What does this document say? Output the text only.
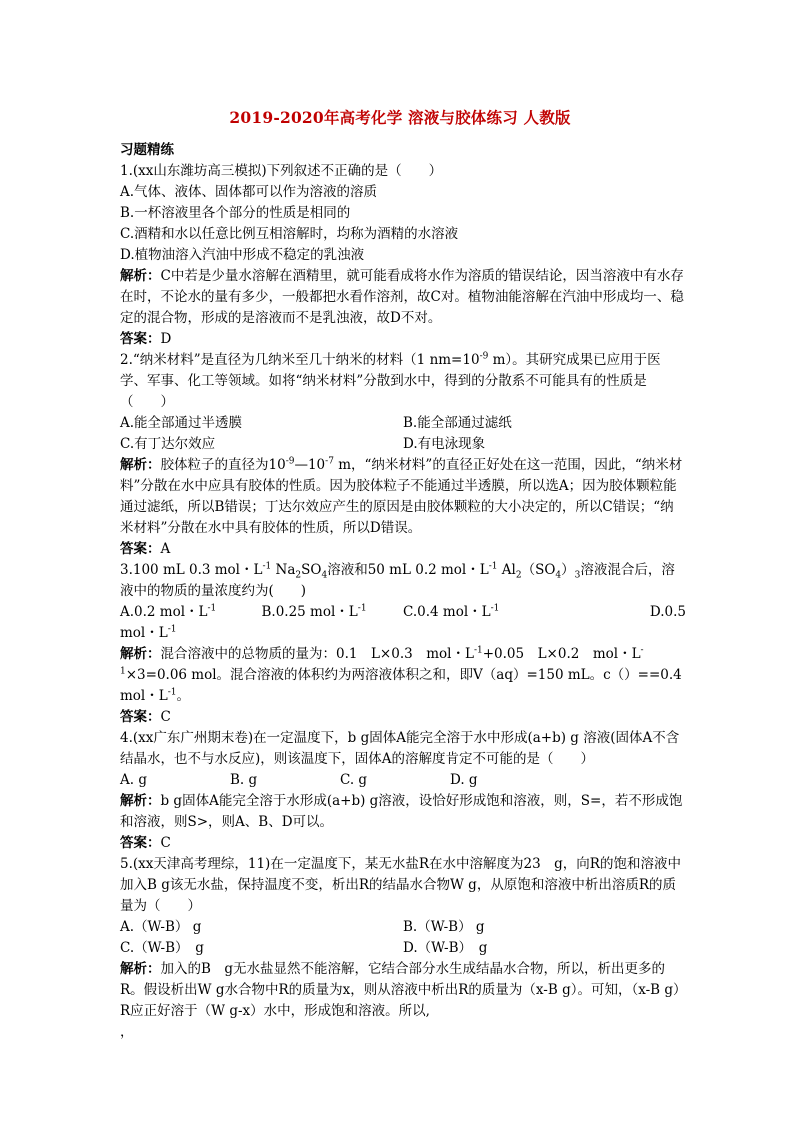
2019-2020年高考化学 溶液与胶体练习 人教版

习题精练

1.(xx山东潍坊高三模拟)下列叙述不正确的是（　　）

A.气体、液体、固体都可以作为溶液的溶质

B.一杯溶液里各个部分的性质是相同的

C.酒精和水以任意比例互相溶解时，均称为酒精的水溶液

D.植物油溶入汽油中形成不稳定的乳浊液

解析：C中若是少量水溶解在酒精里，就可能看成将水作为溶质的错误结论，因当溶液中有水存在时，不论水的量有多少，一般都把水看作溶剂，故C对。植物油能溶解在汽油中形成均一、稳定的混合物，形成的是溶液而不是乳浊液，故D不对。

答案：D

2.“纳米材料”是直径为几纳米至几十纳米的材料（1 $nm=10^{-9}$ m）。其研究成果已应用于医学、军事、化工等领域。如将“纳米材料”分散到水中，得到的分散系不可能具有的性质是（　　）

A.能全部通过半透膜	B.能全部通过滤纸
C.有丁达尔效应	D.有电泳现象

解析：胶体粒子的直径为$10^{-9}—10^{-7}$ m，“纳米材料”的直径正好处在这一范围，因此，“纳米材料”分散在水中应具有胶体的性质。因为胶体粒子不能通过半透膜，所以选A；因为胶体颗粒能通过滤纸，所以B错误；丁达尔效应产生的原因是由胶体颗粒的大小决定的，所以C错误；“纳米材料”分散在水中具有胶体的性质，所以D错误。

答案：A

3.100 mL 0.3 mol・$L^{-1}$ $Na_2SO_4$溶液和50 mL 0.2 mol・$L^{-1}$ $Al_2(SO_4)_3$溶液混合后，溶液中的物质的量浓度约为(　　)

A.0.2 mol・$L^{-1}$	B.0.25 mol・$L^{-1}$	C.0.4 mol・$L^{-1}$	D.0.5

mol・$L^{-1}$

解析：混合溶液中的总物质的量为：0.1　L×0.3　mol・$L^{-1}+0.05$　L×0.2　mol・$L^{-1}\times 3=0.06$ mol。混合溶液的体积约为两溶液体积之和，即V（aq）=150 mL。c（）==0.4 mol・$L^{-1}$。

答案：C

4.(xx广东广州期末卷)在一定温度下，b g固体A能完全溶于水中形成(a+b) g 溶液(固体A不含结晶水，也不与水反应)，则该温度下，固体A的溶解度肯定不可能的是（　　）

A. g	B. g	C. g	D. g

解析：b g固体A能完全溶于水形成(a+b) g溶液，设恰好形成饱和溶液，则，S=，若不形成饱和溶液，则S>，则A、B、D可以。

答案：C

5.(xx天津高考理综，11)在一定温度下，某无水盐R在水中溶解度为23　g，向R的饱和溶液中加入B g该无水盐，保持温度不变，析出R的结晶水合物W g，从原饱和溶液中析出溶质R的质量为（　　）

A.（W-B） g	B.（W-B） g
C.（W-B）　g	D.（W-B）　g

解析：加入的B　g无水盐显然不能溶解，它结合部分水生成结晶水合物，所以，析出更多的R。假设析出W g水合物中R的质量为x，则从溶液中析出R的质量为（x-B g）。可知，（x-B g）　R应正好溶于（W g-x）水中，形成饱和溶液。所以,

，
